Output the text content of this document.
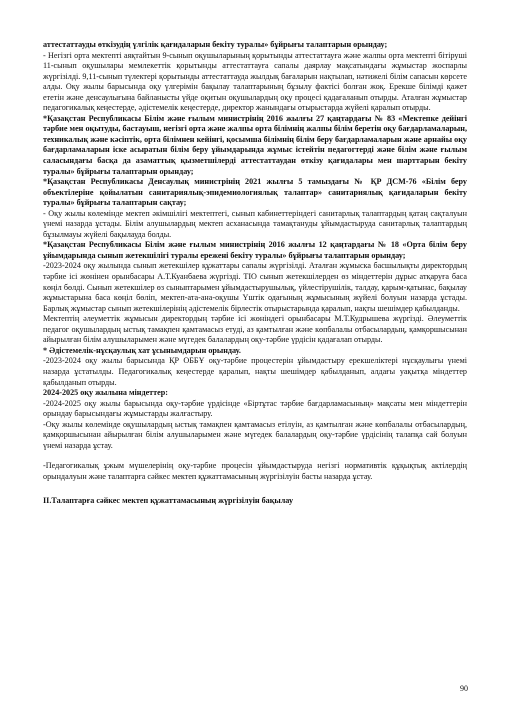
аттестаттауды өткізудің үлгілік қағидаларын бекіту туралы» бұйрығы талаптарын орындау;

- Негізгі орта мектепті аяқтайтын 9-сынып оқушыларының қорытынды аттестаттауға және жалпы орта мектепті бітіруші 11-сынып оқушылары мемлекеттік қорытынды аттестаттауға сапалы даярлау мақсатындағы жұмыстар жоспарлы жүргізілді. 9,11-сынып түлектері қорытынды аттестаттауда жылдық бағаларын нақтылап, нәтижелі білім сапасын көрсете алды. Оқу жылы барысында оқу үлгерімін бақылау талаптарының бұзылу фактісі болған жоқ. Ерекше білімді қажет ететін және денсаулығына байланысты үйде оқитын оқушылардың оқу процесі қадағаланып отырды. Аталған жұмыстар педагогикалық кеңестерде, әдістемелік кеңестерде, директор жанындағы отырыстарда жүйелі қаралып отырды.

*Қазақстан Республикасы Білім және ғылым министрінің 2016 жылғы 27 қаңтардағы № 83 «Мектепке дейінгі тәрбие мен оқытуды, бастауыш, негізгі орта және жалпы орта білімнің жалпы білім беретін оқу бағдарламаларын, техникалық және кәсіптік, орта білімнен кейінгі, қосымша білімнің білім беру бағдарламаларын және арнайы оқу бағдарламаларын іске асыратын білім беру ұйымдарында жұмыс істейтін педагогтерді және білім және ғылым саласындағы басқа да азаматтық қызметшілерді аттестаттаудан өткізу қағидалары мен шарттарын бекіту туралы» бұйрығы талаптарын орындау;

*Қазақстан Республикасы Денсаулық министрінің 2021 жылғы 5 тамыздағы № ҚР ДСМ-76 «Білім беру объектілеріне қойылатын санитариялық-эпидемиологиялық талаптар» санитариялық қағидаларын бекіту туралы» бұйрығы талаптарын сақтау;

- Оқу жылы көлемінде мектеп әкімшілігі мектептегі, сынып кабинеттеріндегі санитарлық талаптардың қатаң сақталуын үнемі назарда ұстады. Білім алушылардың мектеп асханасында тамақтануды ұйымдастыруда санитарлық талаптардың бұзылмауы жүйелі бақылауда болды.

*Қазақстан Республикасы Білім және ғылым министрінің 2016 жылғы 12 қаңтардағы № 18 «Орта білім беру ұйымдарында сынып жетекшілігі туралы ережені бекіту туралы» бұйрығы талаптарын орындау;

-2023-2024 оқу жылында сынып жетекшілер құжаттары сапалы жүргізілді. Аталған жұмыска басшылықты директордың тәрбие ісі жөнінен орынбасары А.Т.Куанбаева жүргізді. ТІО сынып жетекшілерден өз міндеттерін дұрыс атқаруға баса көңіл бөлді. Сынып жетекшілер өз сыныптарымен ұйымдастырушылық, үйлестірушілік, талдау, қарым-қатынас, бақылау жұмыстарына баса көңіл бөліп, мектеп-ата-ана-оқушы Үштік одағының жұмысының жүйелі болуын назарда ұстады. Барлық жұмыстар сынып жетекшілерінің әдістемелік бірлестік отырыстарында қаралып, нақты шешімдер қабылданды.

Мектептің әлеуметтік жұмысын директордың тәрбие ісі жөніндегі орынбасары М.Т.Кудрышева жүргізді. Әлеуметтік педагог оқушылардың ыстық тамақпен қамтамасыз етуді, аз қамтылған және көпбалалы отбасылардың, қамқоршысынан айырылған білім алушыларымен және мүгедек балалардың оқу-тәрбие үрдісін қадағалап отырды.

* Әдістемелік-нұсқаулық хат ұсынымдарын орындау.

-2023-2024 оқу жылы барысында ҚР ОББҰ оқу-тәрбие процестерін ұйымдастыру ерекшеліктері нұсқаулығы үнемі назарда ұстатылды. Педагогикалық кеңестерде қаралып, нақты шешімдер қабылданып, алдағы уақытқа міндеттер қабылданып отырды.

2024-2025 оқу жылына міндеттер:

-2024-2025 оқу жылы барысында оқу-тәрбие үрдісінде «Біртұтас тәрбие бағдарламасының» мақсаты мен міндеттерін орындау барысындағы жұмыстарды жалғастыру.

-Оқу жылы көлемінде оқушылардың ыстық тамақпен қамтамасыз етілуін, аз қамтылған және көпбалалы отбасылардың, қамқоршысынан айырылған білім алушыларымен және мүгедек балалардың оқу-тәрбие үрдісінің талапқа сай болуын үнемі назарда ұстау.

-Педагогикалық ұжым мүшелерінің оқу-тәрбие процесін ұйымдастыруда негізгі нормативтік құқықтық актілердің орындалуын және талаптарға сәйкес мектеп құжаттамасының жүргізілуін басты назарда ұстау.

II.Талаптарға сәйкес мектеп құжаттамасының жүргізілуін бақылау

90
